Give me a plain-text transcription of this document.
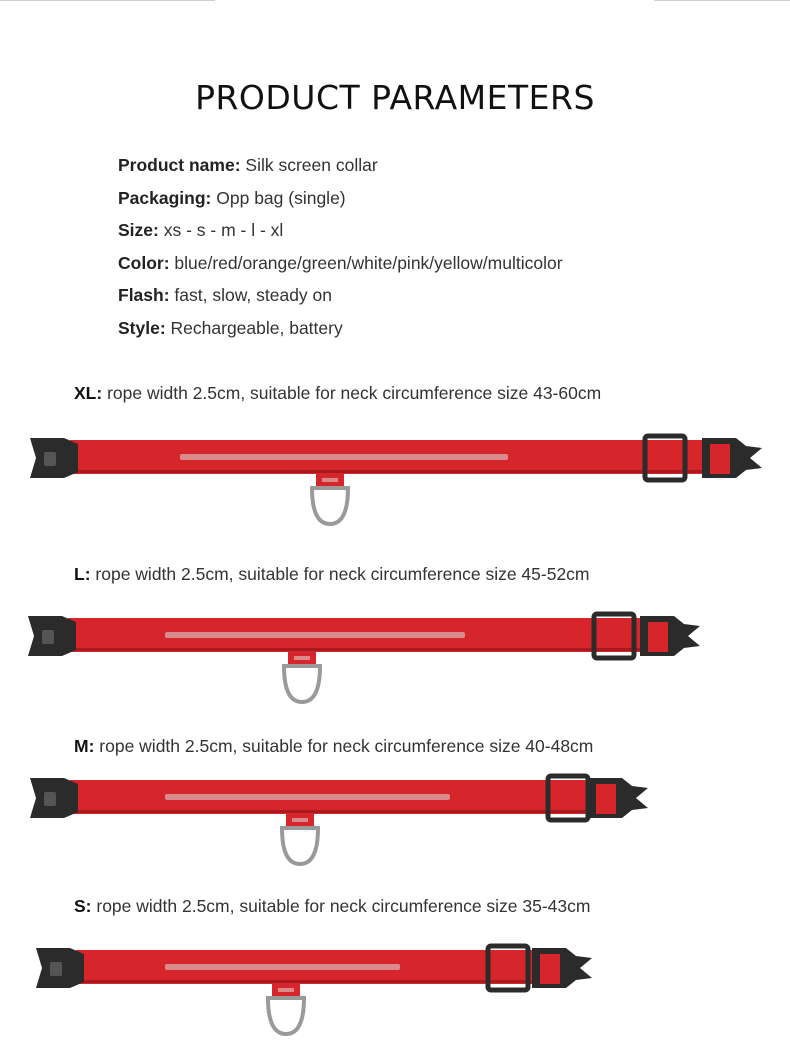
PRODUCT PARAMETERS
Product name: Silk screen collar
Packaging: Opp bag (single)
Size: xs - s - m - l - xl
Color: blue/red/orange/green/white/pink/yellow/multicolor
Flash: fast, slow, steady on
Style: Rechargeable, battery
XL: rope width 2.5cm, suitable for neck circumference size 43-60cm
L: rope width 2.5cm, suitable for neck circumference size 45-52cm
M: rope width 2.5cm, suitable for neck circumference size 40-48cm
S: rope width 2.5cm, suitable for neck circumference size 35-43cm
